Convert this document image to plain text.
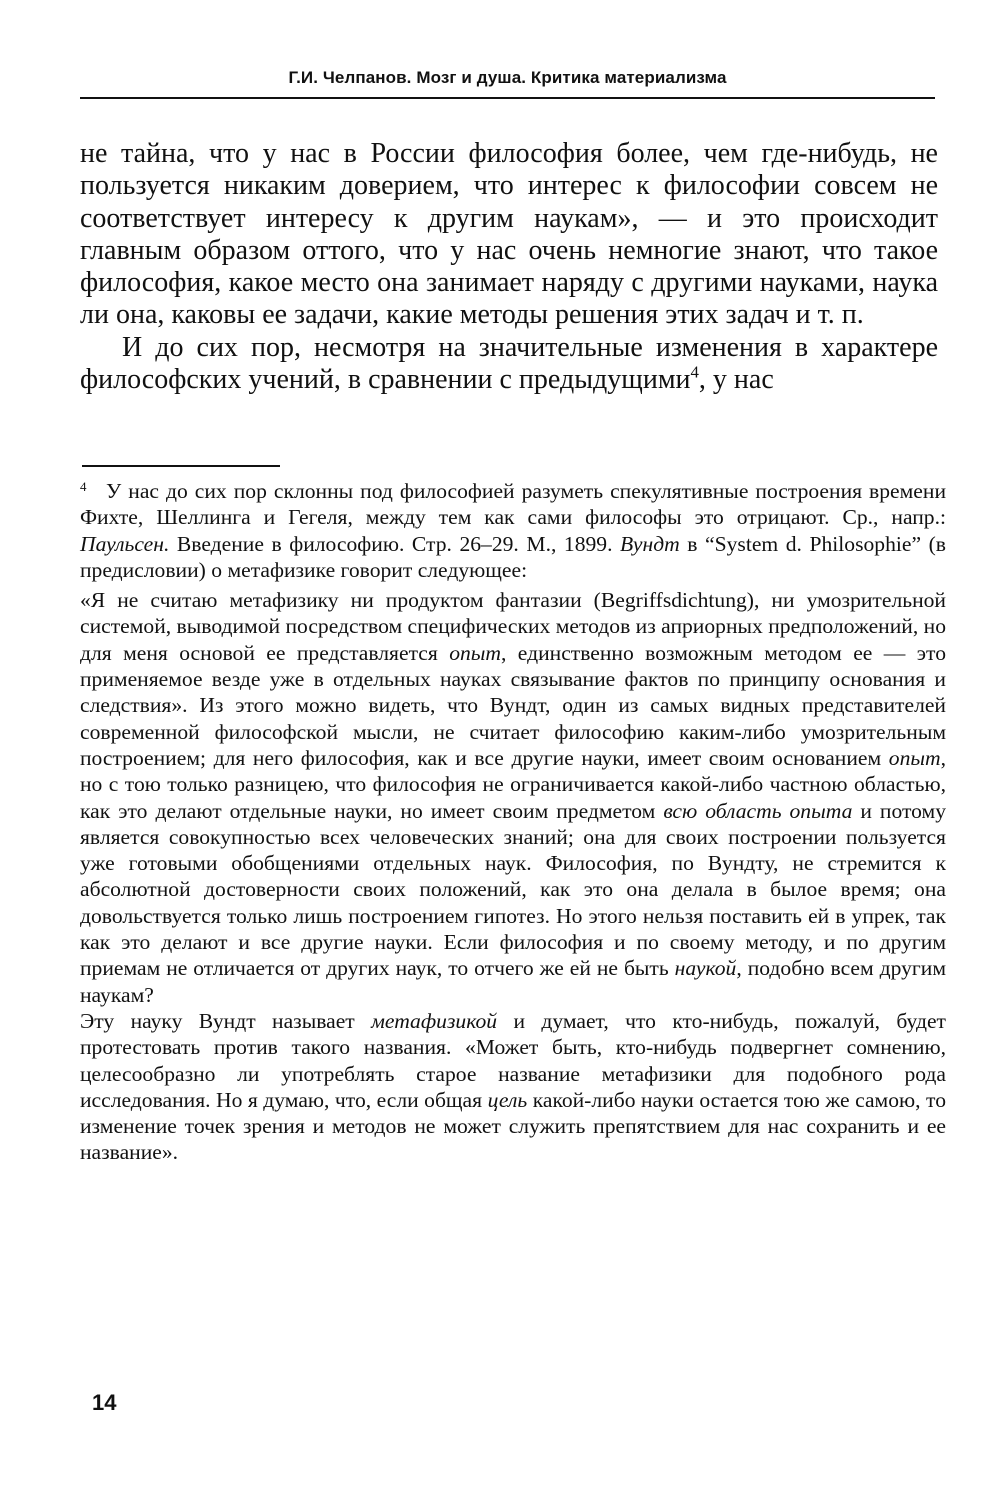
Г.И. Челпанов. Мозг и душа. Критика материализма

не тайна, что у нас в России философия более, чем где-нибудь, не пользуется никаким доверием, что интерес к философии совсем не соответствует интересу к другим наукам», — и это происходит главным образом оттого, что у нас очень немногие знают, что такое философия, какое место она занимает наряду с другими науками, наука ли она, каковы ее задачи, какие методы решения этих задач и т. п.

И до сих пор, несмотря на значительные изменения в характере философских учений, в сравнении с предыдущими$^4$, у нас

4 У нас до сих пор склонны под философией разуметь спекулятивные построения времени Фихте, Шеллинга и Гегеля, между тем как сами философы это отрицают. Ср., напр.: Паульсен. Введение в философию. Стр. 26–29. М., 1899. Вундт в “System d. Philosophie” (в предисловии) о метафизике говорит следующее:

«Я не считаю метафизику ни продуктом фантазии (Begriffsdichtung), ни умозрительной системой, выводимой посредством специфических методов из априорных предположений, но для меня основой ее представляется опыт, единственно возможным методом ее — это применяемое везде уже в отдельных науках связывание фактов по принципу основания и следствия». Из этого можно видеть, что Вундт, один из самых видных представителей современной философской мысли, не считает философию каким-либо умозрительным построением; для него философия, как и все другие науки, имеет своим основанием опыт, но с тою только разницею, что философия не ограничивается какой-либо частною областью, как это делают отдельные науки, но имеет своим предметом всю область опыта и потому является совокупностью всех человеческих знаний; она для своих построении пользуется уже готовыми обобщениями отдельных наук. Философия, по Вундту, не стремится к абсолютной достоверности своих положений, как это она делала в былое время; она довольствуется только лишь построением гипотез. Но этого нельзя поставить ей в упрек, так как это делают и все другие науки. Если философия и по своему методу, и по другим приемам не отличается от других наук, то отчего же ей не быть наукой, подобно всем другим наукам?

Эту науку Вундт называет метафизикой и думает, что кто-нибудь, пожалуй, будет протестовать против такого названия. «Может быть, кто-нибудь подвергнет сомнению, целесообразно ли употреблять старое название метафизики для подобного рода исследования. Но я думаю, что, если общая цель какой-либо науки остается тою же самою, то изменение точек зрения и методов не может служить препятствием для нас сохранить и ее название».

14
